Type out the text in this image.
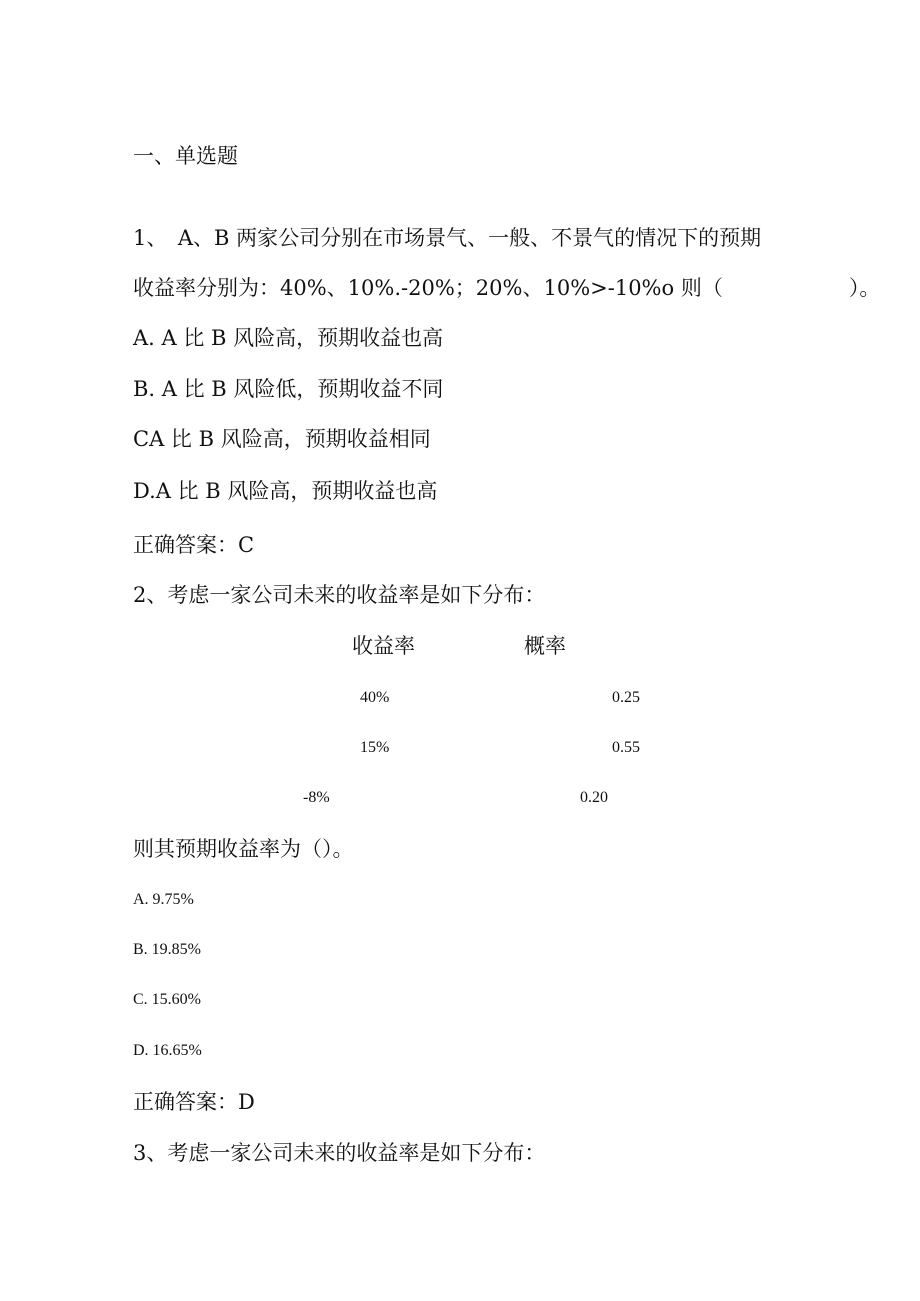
一、单选题
1、　A、B 两家公司分别在市场景气、一般、不景气的情况下的预期
收益率分别为：40%、10%.-20%；20%、10%>-10%o 则（　　　　　　）。
A. A 比 B 风险高，预期收益也高
B. A 比 B 风险低，预期收益不同
CA 比 B 风险高，预期收益相同
D.A 比 B 风险高，预期收益也高
正确答案：C
2、考虑一家公司未来的收益率是如下分布：
收益率	概率
40%	0.25
15%	0.55
-8%	0.20
则其预期收益率为（）。
A. 9.75%
B. 19.85%
C. 15.60%
D. 16.65%
正确答案：D
3、考虑一家公司未来的收益率是如下分布：
